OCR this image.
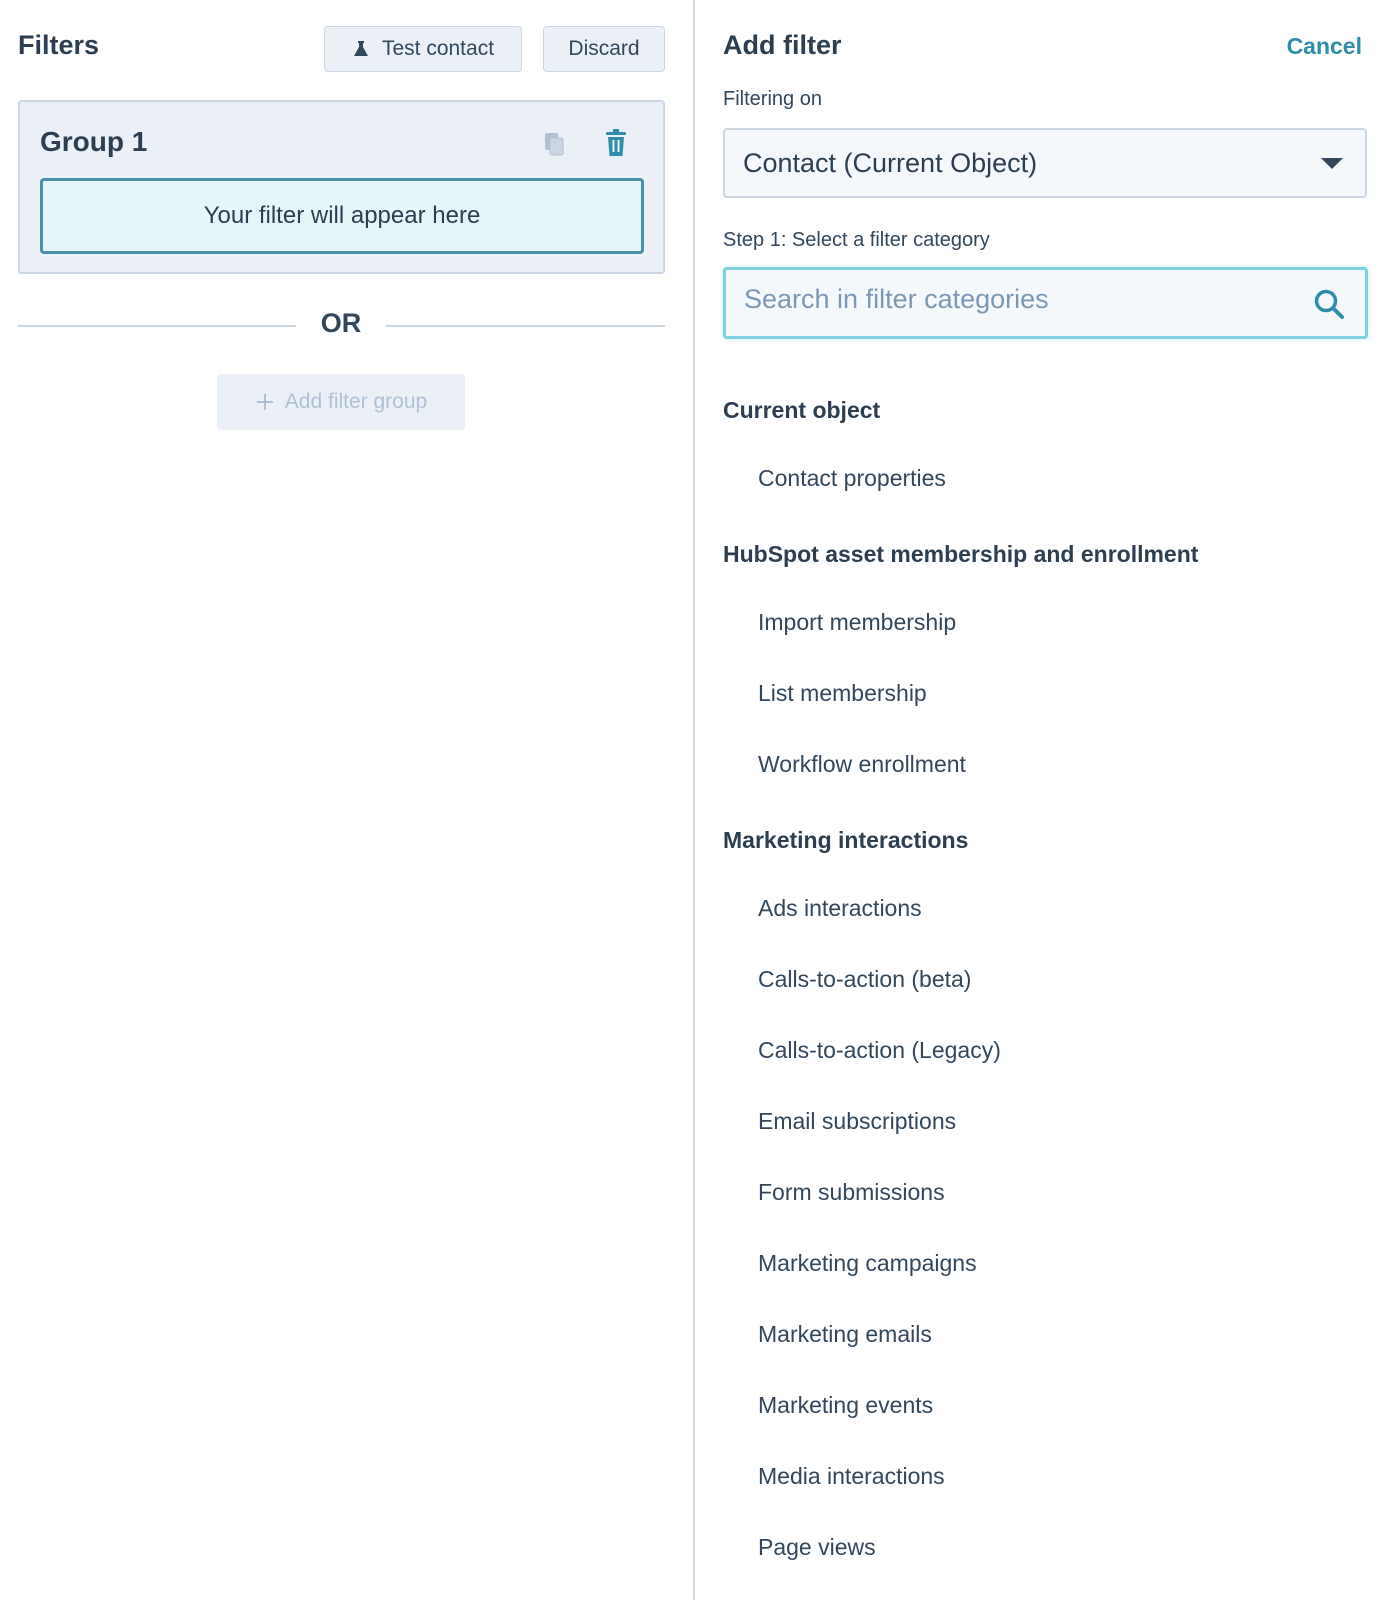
Filters	Test contact	Discard
Group 1
Your filter will appear here
OR
Add filter group
Add filter	Cancel
Filtering on
Contact (Current Object)
Step 1: Select a filter category
Search in filter categories
Current object
Contact properties
HubSpot asset membership and enrollment
Import membership
List membership
Workflow enrollment
Marketing interactions
Ads interactions
Calls-to-action (beta)
Calls-to-action (Legacy)
Email subscriptions
Form submissions
Marketing campaigns
Marketing emails
Marketing events
Media interactions
Page views
